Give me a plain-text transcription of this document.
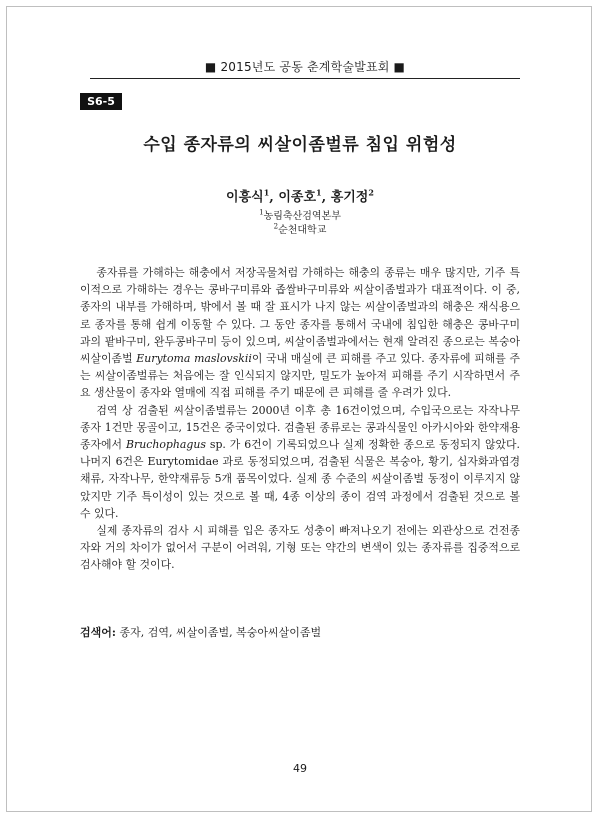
■ 2015년도 공동 춘계학술발표회 ■
S6-5
수입 종자류의 씨살이좀벌류 침입 위험성
이흥식$^1$, 이종호$^1$, 홍기정$^2$
$^1$농림축산검역본부
$^2$순천대학교

종자류를 가해하는 해충에서 저장곡물처럼 가해하는 해충의 종류는 매우 많지만, 기주 특이적으로 가해하는 경우는 콩바구미류와 좁쌀바구미류와 씨살이좀벌과가 대표적이다. 이 중, 종자의 내부를 가해하며, 밖에서 볼 때 잘 표시가 나지 않는 씨살이좀벌과의 해충은 재식용으로 종자를 통해 쉽게 이동할 수 있다. 그 동안 종자를 통해서 국내에 침입한 해충은 콩바구미과의 팥바구미, 완두콩바구미 등이 있으며, 씨살이좀벌과에서는 현재 알려진 종으로는 복숭아씨살이좀벌 Eurytoma maslovskii이 국내 매실에 큰 피해를 주고 있다. 종자류에 피해를 주는 씨살이좀벌류는 처음에는 잘 인식되지 않지만, 밀도가 높아져 피해를 주기 시작하면서 주요 생산물이 종자와 열매에 직접 피해를 주기 때문에 큰 피해를 줄 우려가 있다.

검역 상 검출된 씨살이좀벌류는 2000년 이후 총 16건이었으며, 수입국으로는 자작나무 종자 1건만 몽골이고, 15건은 중국이었다. 검출된 종류로는 콩과식물인 아카시아와 한약재용 종자에서 Bruchophagus sp. 가 6건이 기록되었으나 실제 정확한 종으로 동정되지 않았다. 나머지 6건은 Eurytomidae 과로 동정되었으며, 검출된 식물은 복숭아, 황기, 십자화과엽경채류, 자작나무, 한약재류등 5개 품목이었다. 실제 종 수준의 씨살이좀벌 동정이 이루지지 않았지만 기주 특이성이 있는 것으로 볼 때, 4종 이상의 종이 검역 과정에서 검출된 것으로 볼 수 있다.

실제 종자류의 검사 시 피해를 입은 종자도 성충이 빠져나오기 전에는 외관상으로 건전종자와 거의 차이가 없어서 구분이 어려워, 기형 또는 약간의 변색이 있는 종자류를 집중적으로 검사해야 할 것이다.

검색어: 종자, 검역, 씨살이좀벌, 복숭아씨살이좀벌
49
